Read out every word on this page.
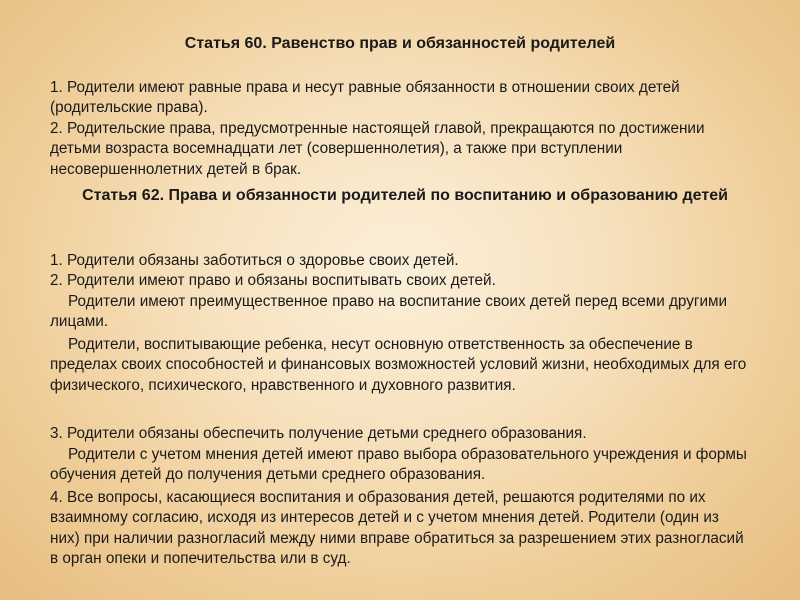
Статья 60. Равенство прав и обязанностей родителей

1. Родители имеют равные права и несут равные обязанности в отношении своих детей (родительские права).

2. Родительские права, предусмотренные настоящей главой, прекращаются по достижении детьми возраста восемнадцати лет (совершеннолетия), а также при вступлении несовершеннолетних детей в брак.

Статья 62. Права и обязанности родителей по воспитанию и образованию детей

1. Родители обязаны заботиться о здоровье своих детей.

2. Родители имеют право и обязаны воспитывать своих детей.

Родители имеют преимущественное право на воспитание своих детей перед всеми другими лицами.

Родители, воспитывающие ребенка, несут основную ответственность за обеспечение в пределах своих способностей и финансовых возможностей условий жизни, необходимых для его физического, психического, нравственного и духовного развития.

3. Родители обязаны обеспечить получение детьми среднего образования.

Родители с учетом мнения детей имеют право выбора образовательного учреждения и формы обучения детей до получения детьми среднего образования.

4. Все вопросы, касающиеся воспитания и образования детей, решаются родителями по их взаимному согласию, исходя из интересов детей и с учетом мнения детей. Родители (один из них) при наличии разногласий между ними вправе обратиться за разрешением этих разногласий в орган опеки и попечительства или в суд.
